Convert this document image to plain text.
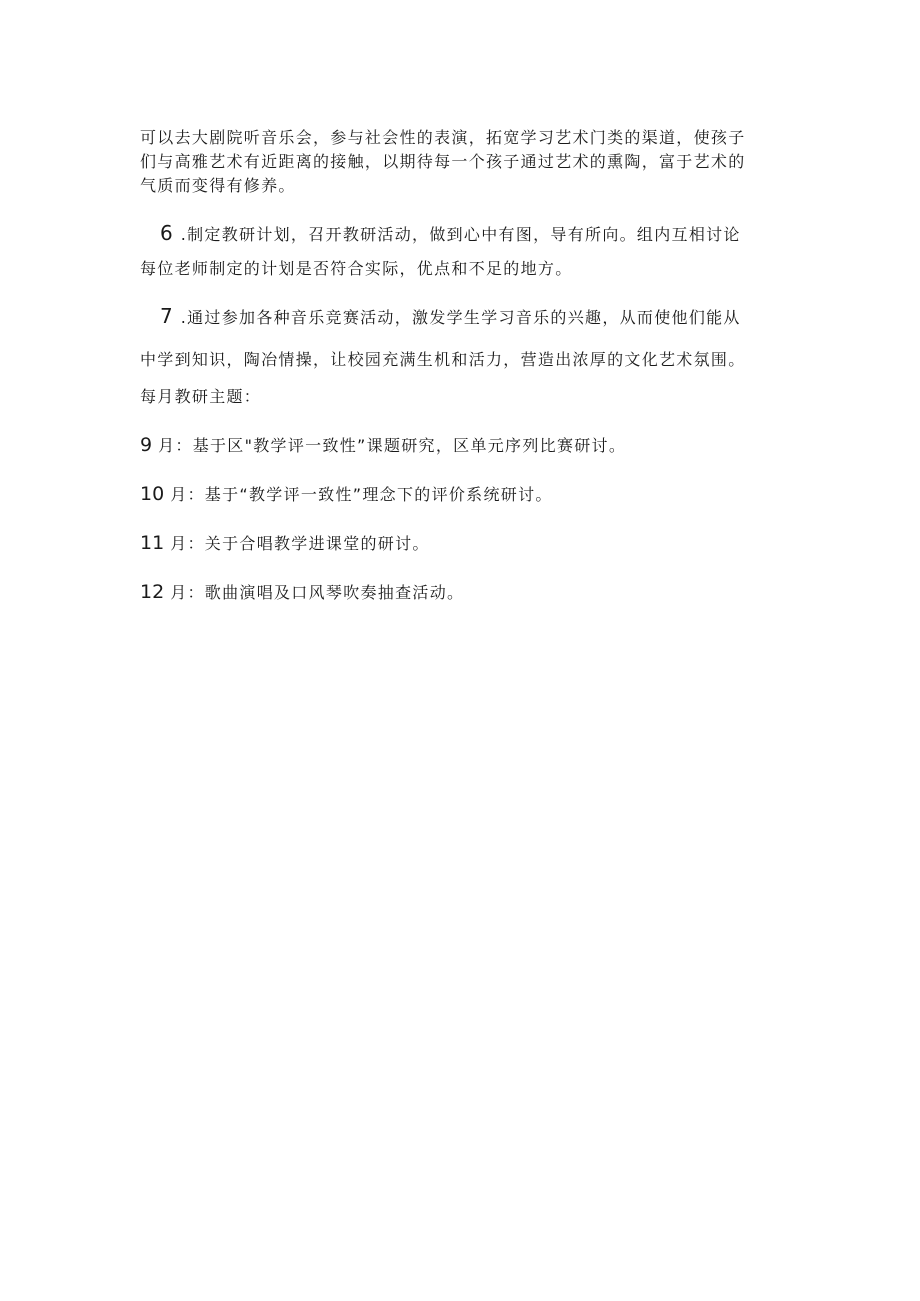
可以去大剧院听音乐会，参与社会性的表演，拓宽学习艺术门类的渠道，使孩子

们与高雅艺术有近距离的接触，以期待每一个孩子通过艺术的熏陶，富于艺术的

气质而变得有修养。

6 .制定教研计划，召开教研活动，做到心中有图，导有所向。组内互相讨论

每位老师制定的计划是否符合实际，优点和不足的地方。

7 .通过参加各种音乐竞赛活动，激发学生学习音乐的兴趣，从而使他们能从

中学到知识，陶冶情操，让校园充满生机和活力，营造出浓厚的文化艺术氛围。

每月教研主题：

9 月：基于区"教学评一致性”课题研究，区单元序列比赛研讨。

10 月：基于“教学评一致性”理念下的评价系统研讨。

11 月：关于合唱教学进课堂的研讨。

12 月：歌曲演唱及口风琴吹奏抽查活动。
